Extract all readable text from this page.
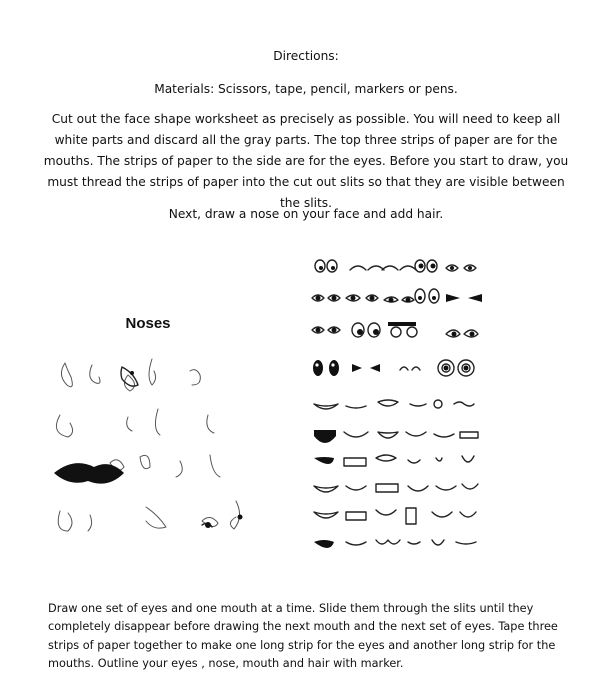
Directions:
Materials: Scissors, tape, pencil, markers or pens.
Cut out the face shape worksheet as precisely as possible. You will need to keep all white parts and discard all the gray parts. The top three strips of paper are for the mouths. The strips of paper to the side are for the eyes. Before you start to draw, you must thread the strips of paper into the cut out slits so that they are visible between the slits.
Next, draw a nose on your face and add hair.
Noses
Draw one set of eyes and one mouth at a time. Slide them through the slits until they completely disappear before drawing the next mouth and the next set of eyes. Tape three strips of paper together to make one long strip for the eyes and another long strip for the mouths. Outline your eyes , nose, mouth and hair with marker.
